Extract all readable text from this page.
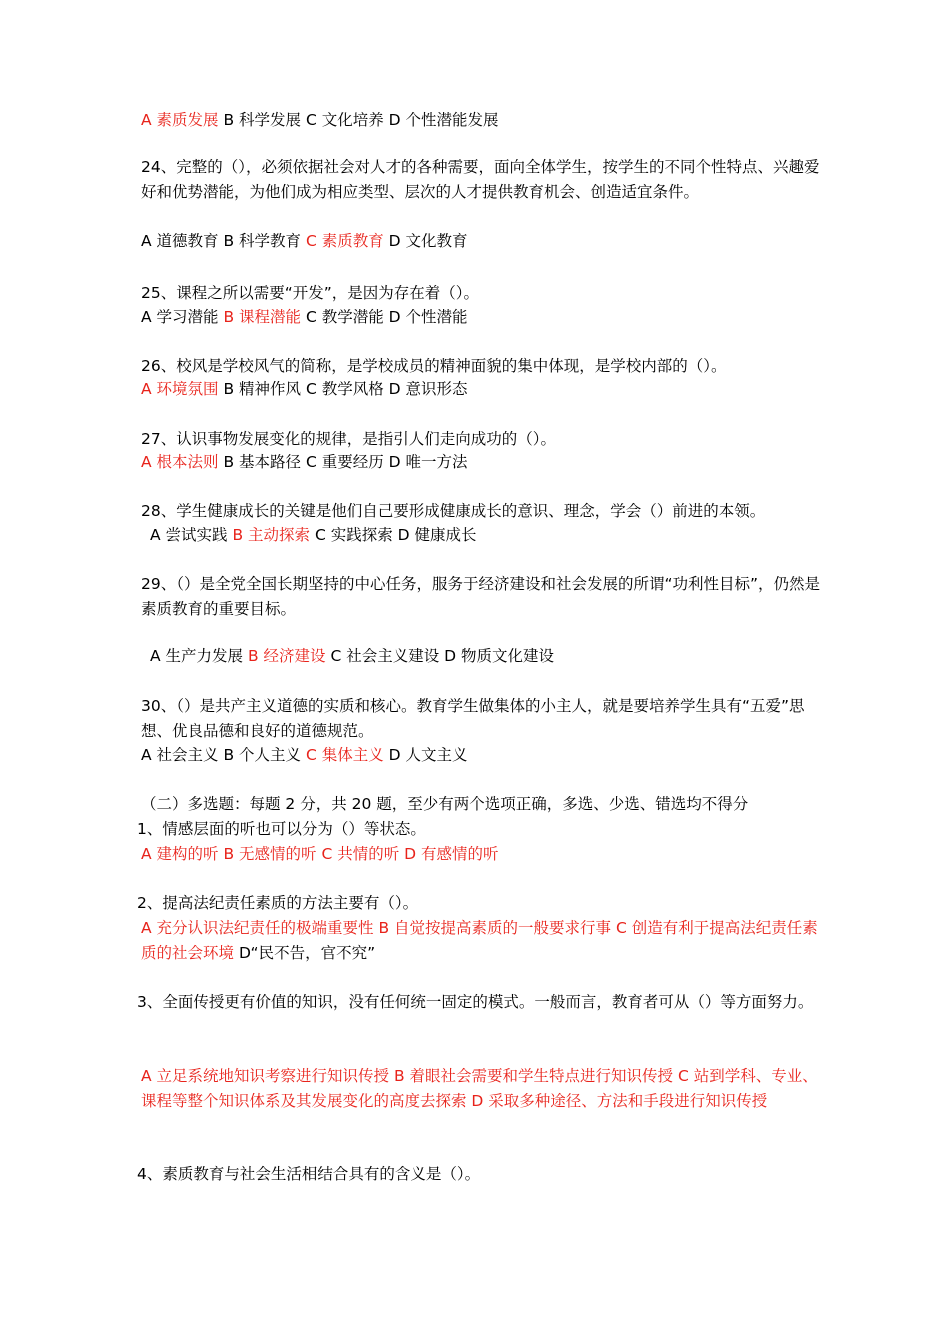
A 素质发展 B 科学发展 C 文化培养 D 个性潜能发展
24、完整的（），必须依据社会对人才的各种需要，面向全体学生，按学生的不同个性特点、兴趣爱好和优势潜能，为他们成为相应类型、层次的人才提供教育机会、创造适宜条件。
A 道德教育 B 科学教育 C 素质教育 D 文化教育
25、课程之所以需要“开发”，是因为存在着（）。
A 学习潜能 B 课程潜能 C 教学潜能 D 个性潜能
26、校风是学校风气的简称，是学校成员的精神面貌的集中体现，是学校内部的（）。
A 环境氛围 B 精神作风 C 教学风格 D 意识形态
27、认识事物发展变化的规律，是指引人们走向成功的（）。
A 根本法则 B 基本路径 C 重要经历 D 唯一方法
28、学生健康成长的关键是他们自己要形成健康成长的意识、理念，学会（）前进的本领。
A 尝试实践 B 主动探索 C 实践探索 D 健康成长
29、（）是全党全国长期坚持的中心任务，服务于经济建设和社会发展的所谓“功利性目标”，仍然是素质教育的重要目标。
A 生产力发展 B 经济建设 C 社会主义建设 D 物质文化建设
30、（）是共产主义道德的实质和核心。教育学生做集体的小主人，就是要培养学生具有“五爱”思想、优良品德和良好的道德规范。
A 社会主义 B 个人主义 C 集体主义 D 人文主义
（二）多选题：每题 2 分，共 20 题，至少有两个选项正确，多选、少选、错选均不得分
1、情感层面的听也可以分为（）等状态。
A 建构的听 B 无感情的听 C 共情的听 D 有感情的听
2、提高法纪责任素质的方法主要有（）。
A 充分认识法纪责任的极端重要性 B 自觉按提高素质的一般要求行事 C 创造有利于提高法纪责任素质的社会环境 D“民不告，官不究”
3、全面传授更有价值的知识，没有任何统一固定的模式。一般而言，教育者可从（）等方面努力。
A 立足系统地知识考察进行知识传授 B 着眼社会需要和学生特点进行知识传授 C 站到学科、专业、课程等整个知识体系及其发展变化的高度去探索 D 采取多种途径、方法和手段进行知识传授
4、素质教育与社会生活相结合具有的含义是（）。
